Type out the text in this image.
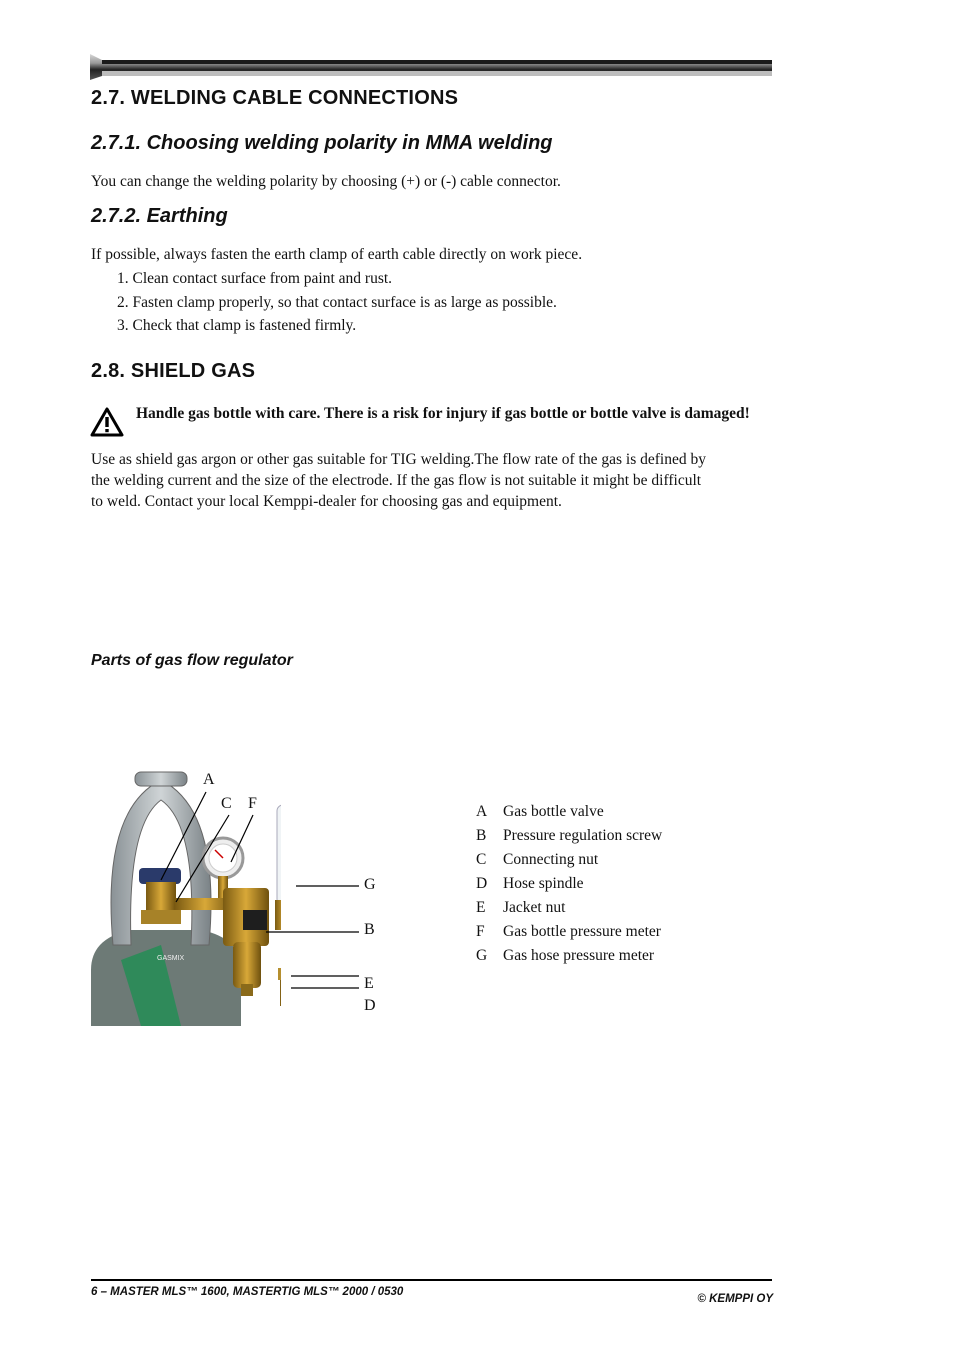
2.7. WELDING CABLE CONNECTIONS
2.7.1. Choosing welding polarity in MMA welding
You can change the welding polarity by choosing (+) or (-) cable connector.
2.7.2. Earthing
If possible, always fasten the earth clamp of earth cable directly on work piece.
1. Clean contact surface from paint and rust.
2. Fasten clamp properly, so that contact surface is as large as possible.
3. Check that clamp is fastened firmly.
2.8. SHIELD GAS
Handle gas bottle with care. There is a risk for injury if gas bottle or bottle valve is damaged!
Use as shield gas argon or other gas suitable for TIG welding.The flow rate of the gas is defined by
the welding current and the size of the electrode. If the gas flow is not suitable it might be difficult
to weld. Contact your local Kemppi-dealer for choosing gas and equipment.
Parts of gas flow regulator
GASMIX
A
C F
G
B
E
D
A Gas bottle valve
B Pressure regulation screw
C Connecting nut
D Hose spindle
E Jacket nut
F Gas bottle pressure meter
G Gas hose pressure meter
6 – MASTER MLS™ 1600, MASTERTIG MLS™ 2000 / 0530
© KEMPPI OY
